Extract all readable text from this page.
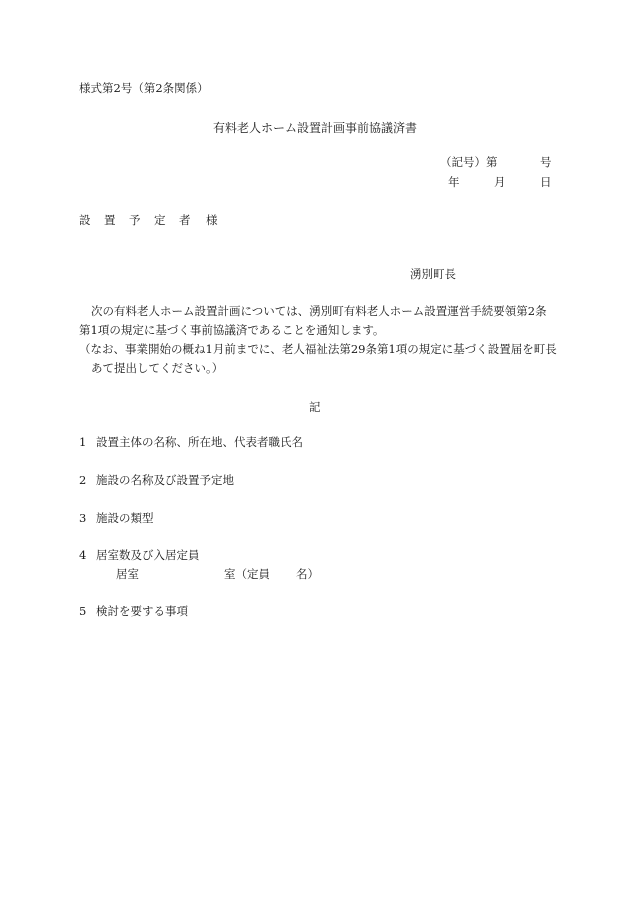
様式第2号（第2条関係）
有料老人ホーム設置計画事前協議済書
（記号）第	号
年	月	日
設　置　予　定　者 様
湧別町長
次の有料老人ホーム設置計画については、湧別町有料老人ホーム設置運営手続要領第2条
第1項の規定に基づく事前協議済であることを通知します。
（なお、事業開始の概ね1月前までに、老人福祉法第29条第1項の規定に基づく設置届を町長
あて提出してください。）
記
1 設置主体の名称、所在地、代表者職氏名
2 施設の名称及び設置予定地
3 施設の類型
4 居室数及び入居定員
居室	室（定員 名）
5 検討を要する事項
